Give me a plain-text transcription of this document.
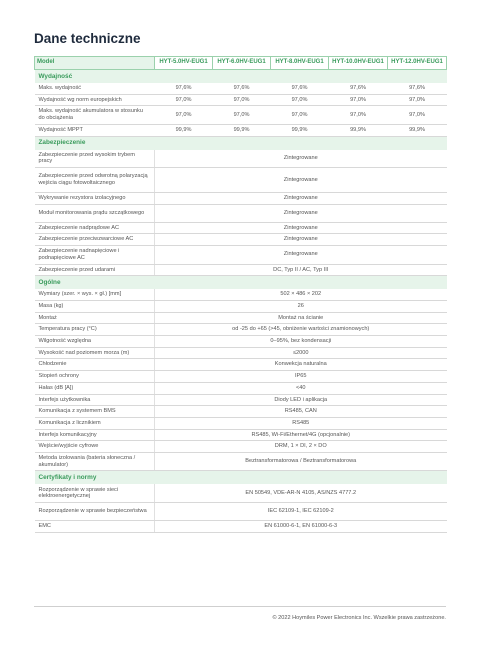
Dane techniczne
Model	HYT-5.0HV-EUG1	HYT-6.0HV-EUG1	HYT-8.0HV-EUG1	HYT-10.0HV-EUG1	HYT-12.0HV-EUG1
Wydajność					
Maks. wydajność	97,6%	97,6%	97,6%	97,6%	97,6%
Wydajność wg norm europejskich	97,0%	97,0%	97,0%	97,0%	97,0%
Maks. wydajność akumulatora w stosunku do obciążenia	97,0%	97,0%	97,0%	97,0%	97,0%
Wydajność MPPT	99,9%	99,9%	99,9%	99,9%	99,9%
Zabezpieczenie					
Zabezpieczenie przed wysokim trybem pracy	Zintegrowane				
Zabezpieczenie przed odwrotną polaryzacją wejścia ciągu fotowoltaicznego	Zintegrowane				
Wykrywanie rezystora izolacyjnego	Zintegrowane				
Moduł monitorowania prądu szczątkowego	Zintegrowane				
Zabezpieczenie nadprądowe AC	Zintegrowane				
Zabezpieczenie przeciwzwarciowe AC	Zintegrowane				
Zabezpieczenie nadnapięciowe i podnapięciowe AC	Zintegrowane				
Zabezpieczenie przed udarami	DC, Typ II / AC, Typ III				
Ogólne					
Wymiary (szer. × wys. × gł.) [mm]	502 × 486 × 202				
Masa (kg)	26				
Montaż	Montaż na ścianie				
Temperatura pracy (°C)	od -25 do +65 (>45, obniżenie wartości znamionowych)				
Wilgotność względna	0–95%, bez kondensacji				
Wysokość nad poziomem morza (m)	≤2000				
Chłodzenie	Konwekcja naturalna				
Stopień ochrony	IP65				
Hałas (dB [A])	<40				
Interfejs użytkownika	Diody LED i aplikacja				
Komunikacja z systemem BMS	RS485, CAN				
Komunikacja z licznikiem	RS485				
Interfejs komunikacyjny	RS485, Wi-Fi/Ethernet/4G (opcjonalnie)				
Wejście/wyjście cyfrowe	DRM, 1 × DI, 2 × DO				
Metoda izolowania (bateria słoneczna / akumulator)	Beztransformatorowa / Beztransformatorowa				
Certyfikaty i normy					
Rozporządzenie w sprawie sieci elektroenergetycznej	EN 50549, VDE-AR-N 4105, AS/NZS 4777.2				
Rozporządzenie w sprawie bezpieczeństwa	IEC 62109-1, IEC 62109-2				
EMC	EN 61000-6-1, EN 61000-6-3				
© 2022 Hoymiles Power Electronics Inc. Wszelkie prawa zastrzeżone.
